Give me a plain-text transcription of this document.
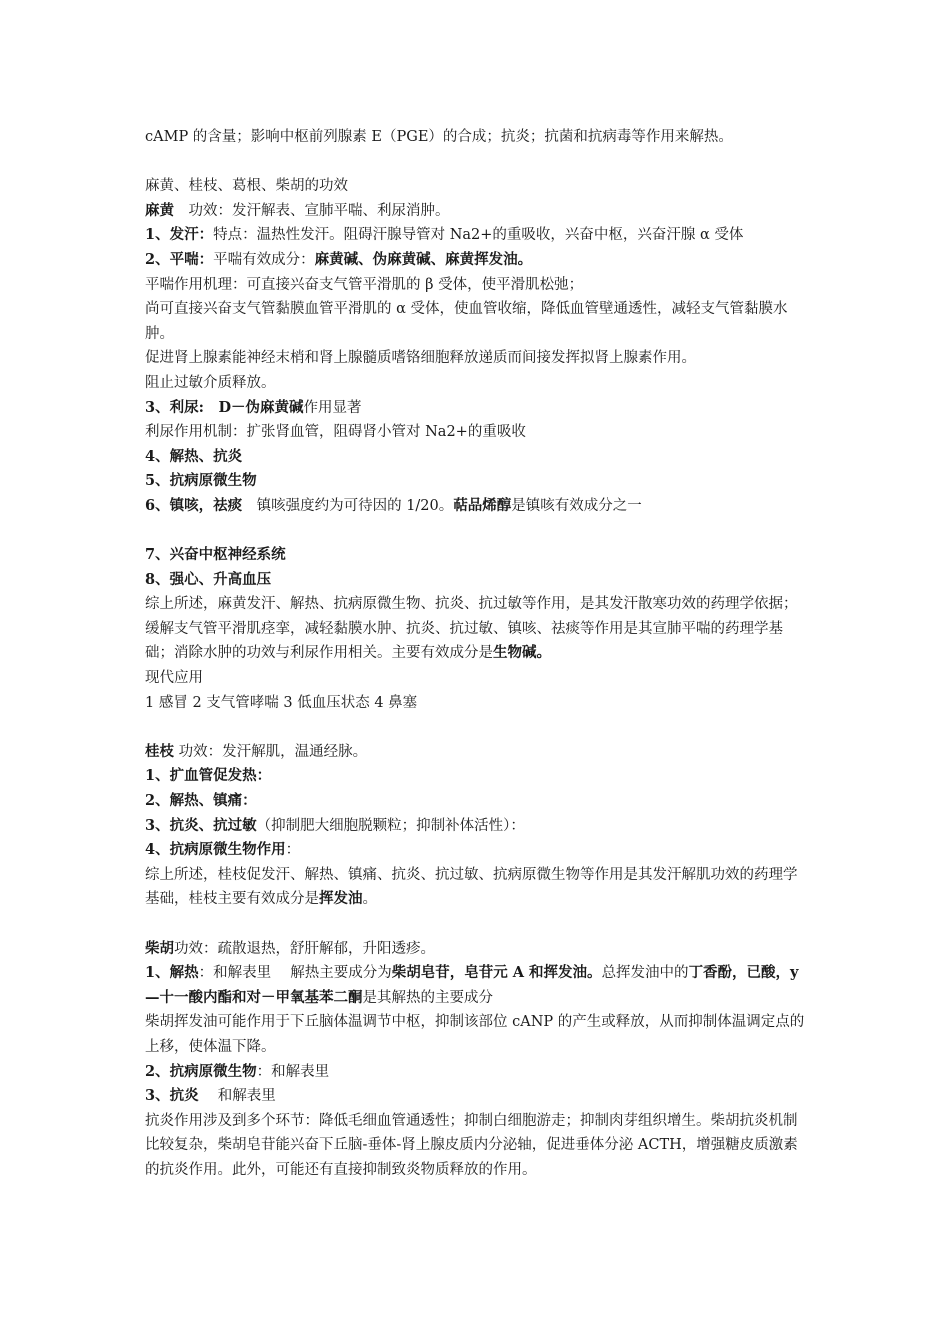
cAMP 的含量；影响中枢前列腺素 E（PGE）的合成；抗炎；抗菌和抗病毒等作用来解热。

麻黄、桂枝、葛根、柴胡的功效

麻黄　功效：发汗解表、宣肺平喘、利尿消肿。

1、发汗：特点：温热性发汗。阻碍汗腺导管对 Na2+的重吸收，兴奋中枢，兴奋汗腺 α 受体

2、平喘：平喘有效成分：麻黄碱、伪麻黄碱、麻黄挥发油。

平喘作用机理：可直接兴奋支气管平滑肌的 β 受体，使平滑肌松弛；

尚可直接兴奋支气管黏膜血管平滑肌的 α 受体，使血管收缩，降低血管壁通透性，减轻支气管黏膜水肿。

促进肾上腺素能神经末梢和肾上腺髓质嗜铬细胞释放递质而间接发挥拟肾上腺素作用。

阻止过敏介质释放。

3、利尿:　D－伪麻黄碱作用显著

利尿作用机制：扩张肾血管，阻碍肾小管对 Na2+的重吸收

4、解热、抗炎

5、抗病原微生物

6、镇咳，祛痰　镇咳强度约为可待因的 1/20。萜品烯醇是镇咳有效成分之一

7、兴奋中枢神经系统

8、强心、升高血压

综上所述，麻黄发汗、解热、抗病原微生物、抗炎、抗过敏等作用，是其发汗散寒功效的药理学依据；缓解支气管平滑肌痉挛，减轻黏膜水肿、抗炎、抗过敏、镇咳、祛痰等作用是其宣肺平喘的药理学基础；消除水肿的功效与利尿作用相关。主要有效成分是生物碱。

现代应用

1 感冒 2 支气管哮喘 3 低血压状态 4 鼻塞

桂枝 功效：发汗解肌，温通经脉。

1、扩血管促发热：

2、解热、镇痛：

3、抗炎、抗过敏（抑制肥大细胞脱颗粒；抑制补体活性）：

4、抗病原微生物作用：

综上所述，桂枝促发汗、解热、镇痛、抗炎、抗过敏、抗病原微生物等作用是其发汗解肌功效的药理学基础，桂枝主要有效成分是挥发油。

柴胡功效：疏散退热，舒肝解郁，升阳透疹。

1、解热：和解表里　 解热主要成分为柴胡皂苷，皂苷元 A 和挥发油。总挥发油中的丁香酚，已酸，y—十一酸内酯和对－甲氧基苯二酮是其解热的主要成分

柴胡挥发油可能作用于下丘脑体温调节中枢，抑制该部位 cANP 的产生或释放，从而抑制体温调定点的上移，使体温下降。

2、抗病原微生物：和解表里

3、抗炎　 和解表里

抗炎作用涉及到多个环节：降低毛细血管通透性；抑制白细胞游走；抑制肉芽组织增生。柴胡抗炎机制比较复杂，柴胡皂苷能兴奋下丘脑-垂体-肾上腺皮质内分泌轴，促进垂体分泌 ACTH，增强糖皮质激素的抗炎作用。此外，可能还有直接抑制致炎物质释放的作用。
